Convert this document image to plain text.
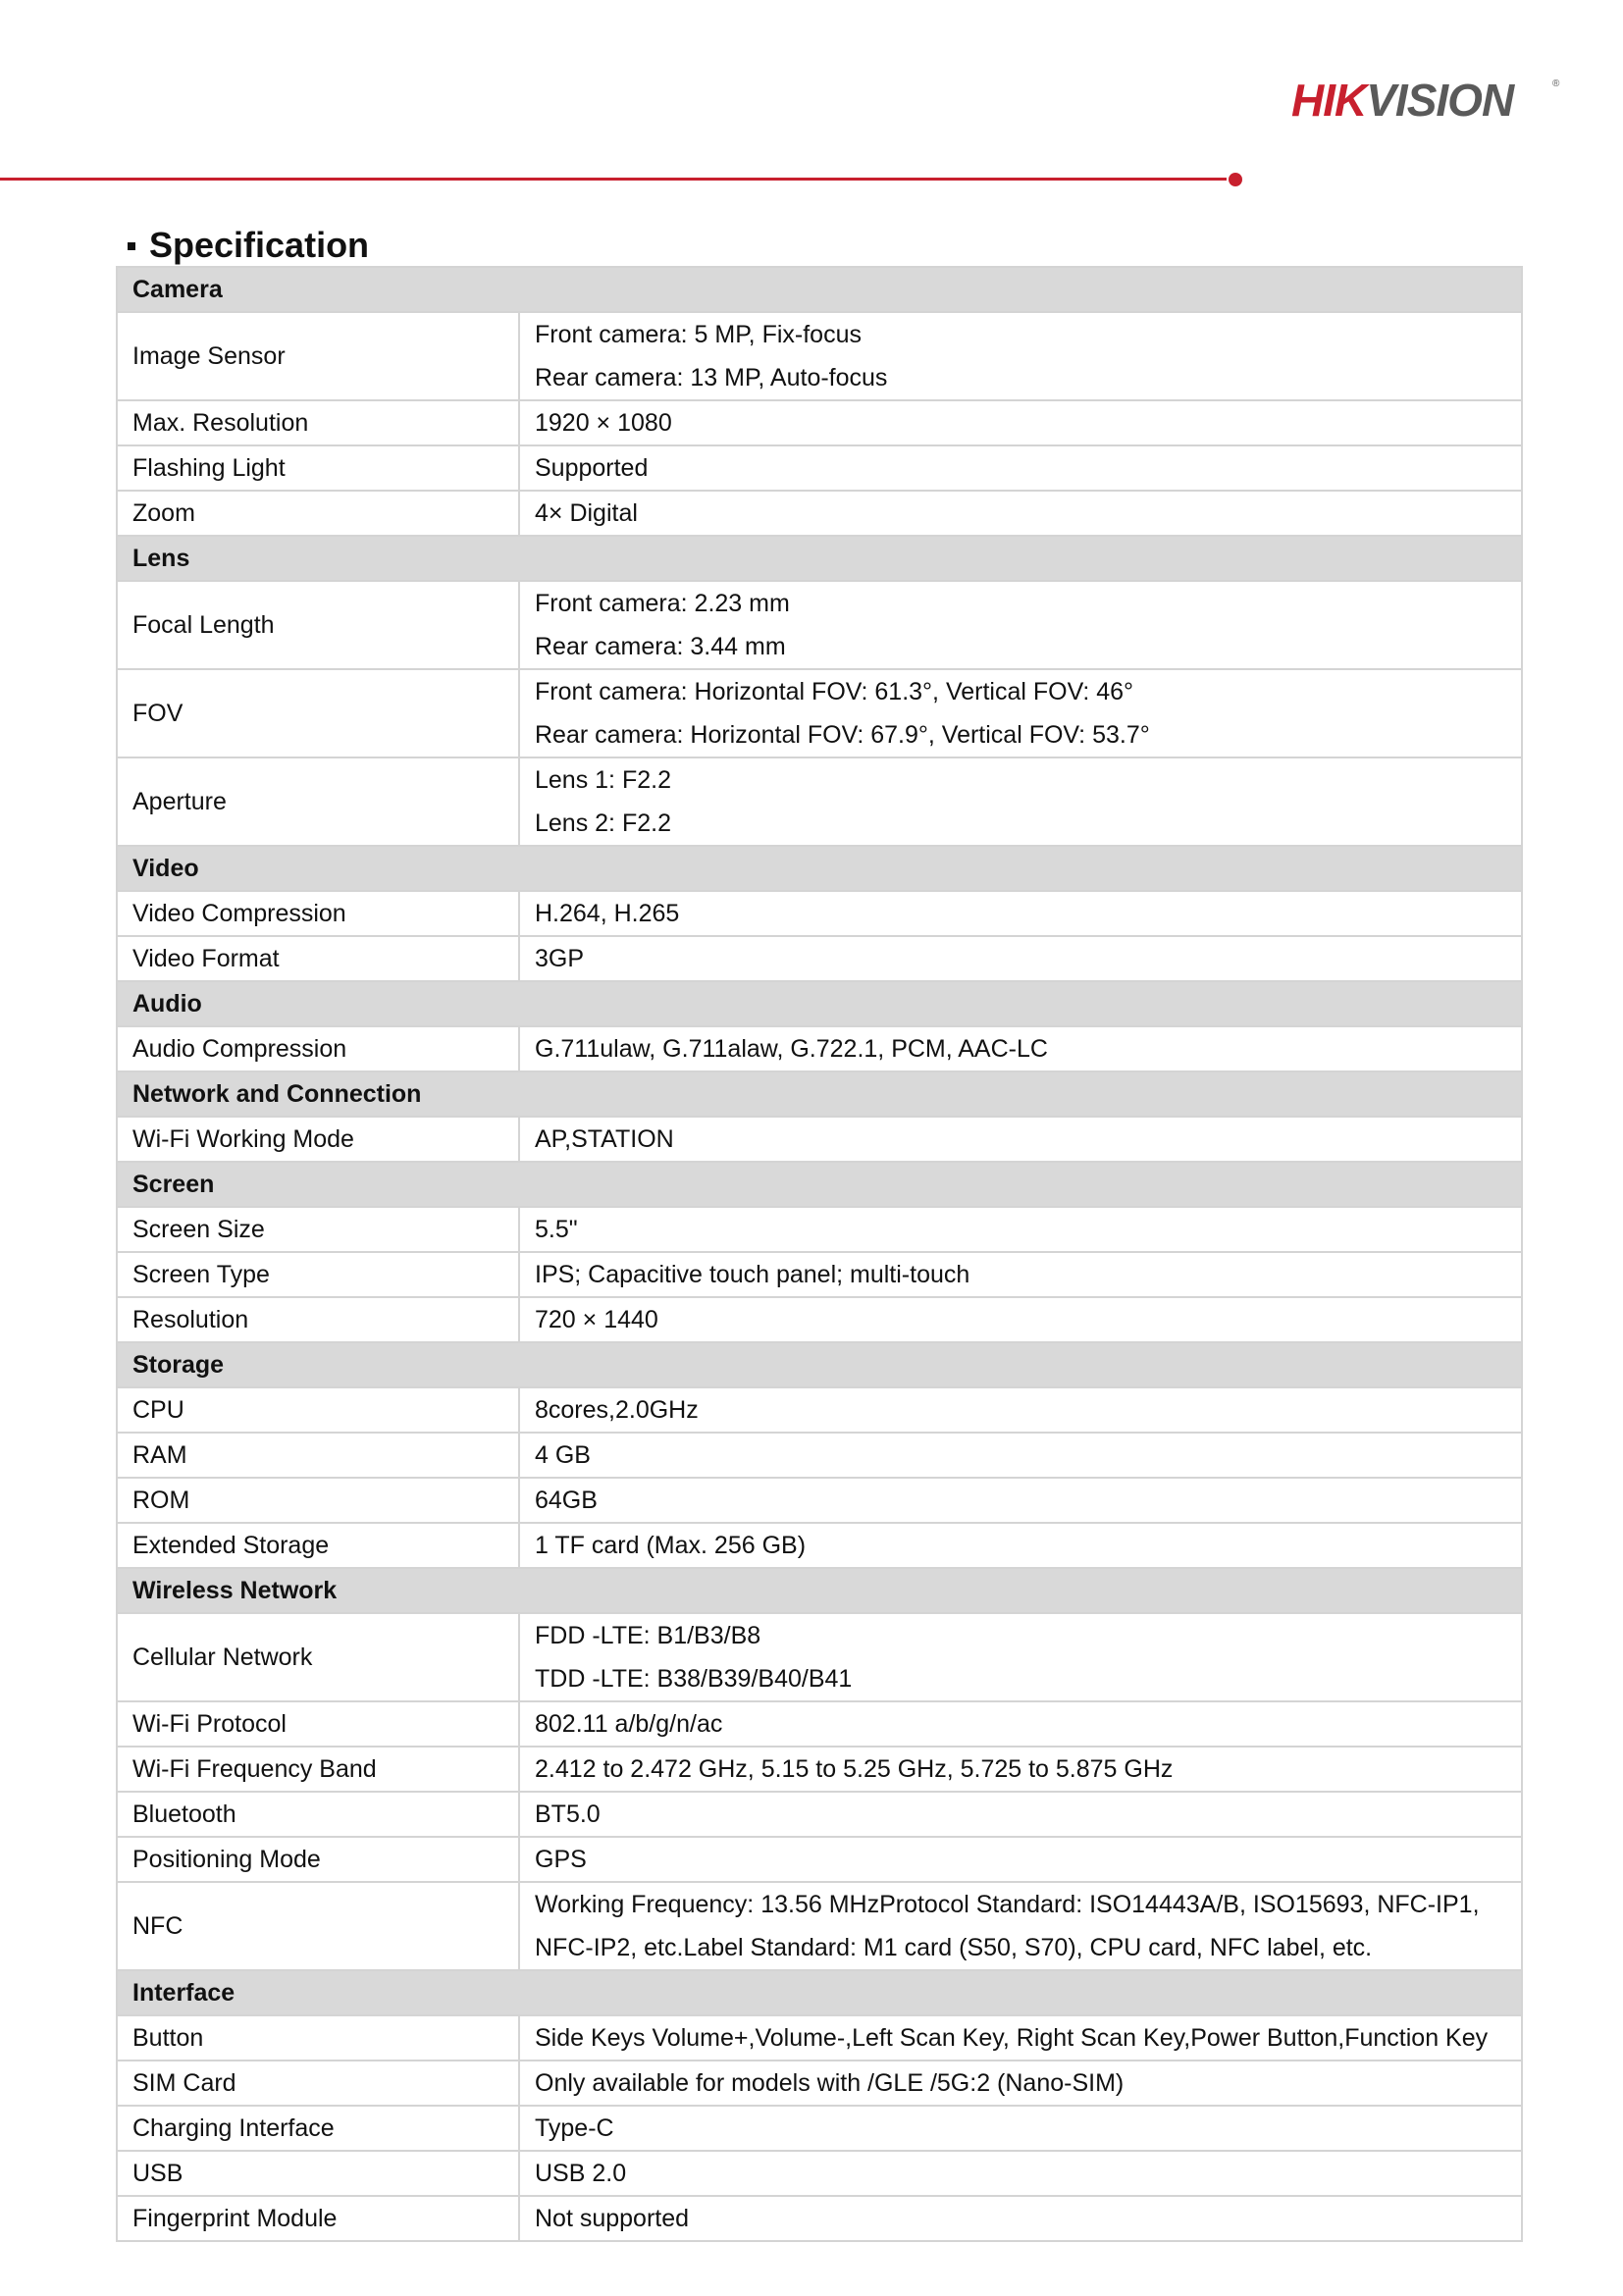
HIKVISION	®
Specification
Camera	
Image Sensor	Front camera: 5 MP, Fix-focus
Rear camera: 13 MP, Auto-focus

Max. Resolution	1920 × 1080

Flashing Light	Supported

Zoom	4× Digital

Lens	
Focal Length	Front camera: 2.23 mm
Rear camera: 3.44 mm

FOV	Front camera: Horizontal FOV: 61.3°, Vertical FOV: 46°
Rear camera: Horizontal FOV: 67.9°, Vertical FOV: 53.7°

Aperture	Lens 1: F2.2
Lens 2: F2.2

Video	
Video Compression	H.264, H.265

Video Format	3GP

Audio	
Audio Compression	G.711ulaw, G.711alaw, G.722.1, PCM, AAC-LC

Network and Connection	
Wi-Fi Working Mode	AP,STATION

Screen	
Screen Size	5.5"

Screen Type	IPS; Capacitive touch panel; multi-touch

Resolution	720 × 1440

Storage	
CPU	8cores,2.0GHz

RAM	4 GB

ROM	64GB

Extended Storage	1 TF card (Max. 256 GB)

Wireless Network	
Cellular Network	FDD -LTE: B1/B3/B8
TDD -LTE: B38/B39/B40/B41

Wi-Fi Protocol	802.11 a/b/g/n/ac

Wi-Fi Frequency Band	2.412 to 2.472 GHz, 5.15 to 5.25 GHz, 5.725 to 5.875 GHz

Bluetooth	BT5.0

Positioning Mode	GPS

NFC	Working Frequency: 13.56 MHzProtocol Standard: ISO14443A/B, ISO15693, NFC-IP1,
NFC-IP2, etc.Label Standard: M1 card (S50, S70), CPU card, NFC label, etc.

Interface	
Button	Side Keys Volume+,Volume-,Left Scan Key, Right Scan Key,Power Button,Function Key

SIM Card	Only available for models with /GLE /5G:2 (Nano-SIM)

Charging Interface	Type-C

USB	USB 2.0

Fingerprint Module	Not supported
